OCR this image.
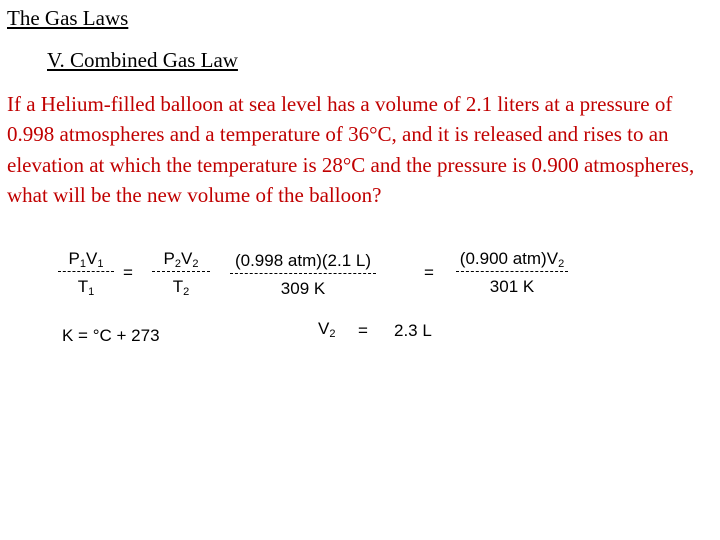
The Gas Laws
V. Combined Gas Law
If a Helium-filled balloon at sea level has a volume of 2.1 liters at a pressure of 0.998 atmospheres and a temperature of 36°C, and it is released and rises to an elevation at which the temperature is 28°C and the pressure is 0.900 atmospheres, what will be the new volume of the balloon?
$P_1V_1$
$T_1$
=
$P_2V_2$
$T_2$
K = °C + 273
(0.998 atm)(2.1 L)
309 K
=
(0.900 $atm)V_2$
301 K
$V_2 = 2.3$ L
